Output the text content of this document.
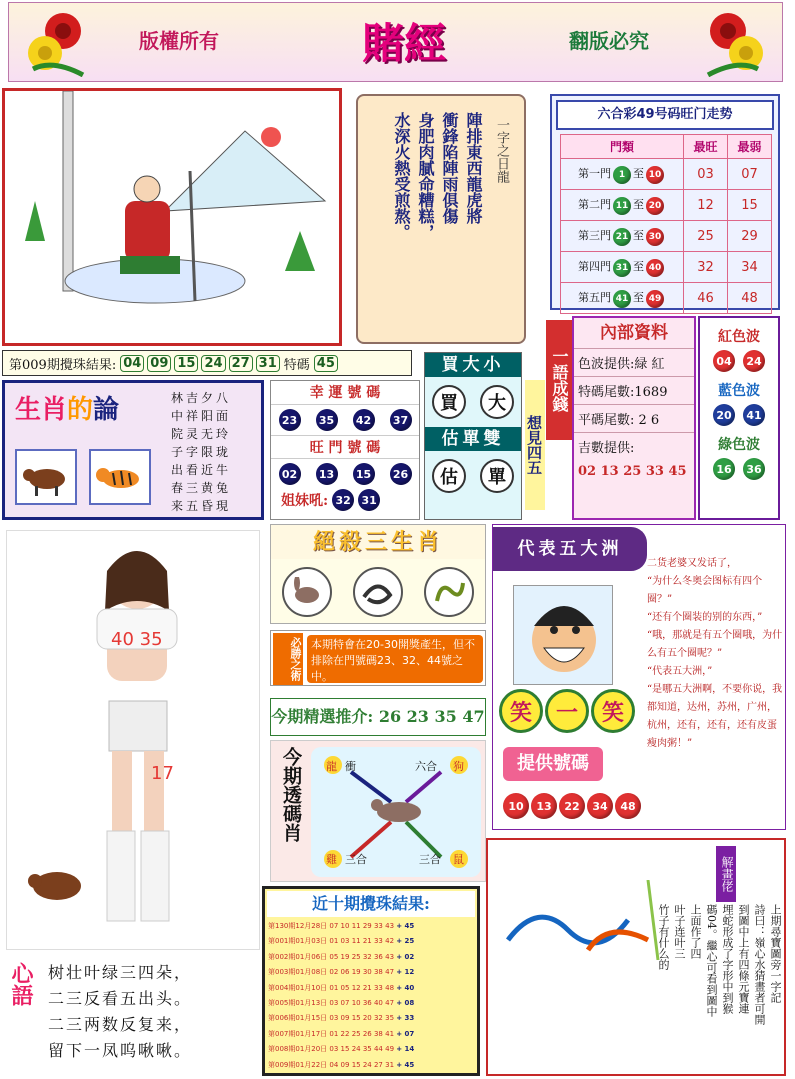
版權所有	賭經	翻版必究
一字之日龍
陣排東西龍虎將
衝鋒陷陣雨俱傷
身肥肉膩命糟糕，
水深火熱受煎熬。	六合彩49号码旺门走势
門類	最旺	最弱
第一門 1 至 10	03	07
第二門 11 至 20	12	15
第三門 21 至 30	25	29
第四門 31 至 40	32	34
第五門 41 至 49	46	48
第009期攪珠結果: 04 09 15 24 27 31 特碼 45
生肖的論	林吉夕八
中祥阳面
院灵无玲
子字限珑
出看近牛
春三黄兔
来五昏現
幸 運 號 碼
23	35	42	37
旺 門 號 碼
02	13	15	26
姐妹吼: 32 31
買大小
買	大
估單雙
估	單
一語成錢
想見四五
內部資料
色波提供:緑 紅
特碼尾數:1689
平碼尾數: 2 6
吉數提供:
02 13 25 33 45
紅色波
04	24
藍色波
20	41
綠色波
16	36
40 35
17
心語 树壮叶绿三四朵，
二三反看五出头。
二三两数反复来，
留下一凤呜啾啾。
絕殺三生肖
必勝之術 本期特會在20-30開獎產生，但不排除在門號碼23、32、44號之中。
今期精選推介: 26 23 35 47
今期透碼肖 龍 衝	六合 狗
雞 三合	三合 鼠
近十期攪珠結果:
第130期12月28日 07 10 11 29 33 43 + 45
第001期01月03日 01 03 11 21 33 42 + 25
第002期01月06日 05 19 25 32 36 43 + 02
第003期01月08日 02 06 19 30 38 47 + 12
第004期01月10日 01 05 12 21 33 48 + 40
第005期01月13日 03 07 10 36 40 47 + 08
第006期01月15日 03 09 15 20 32 35 + 33
第007期01月17日 01 22 25 26 38 41 + 07
第008期01月20日 03 15 24 35 44 49 + 14
第009期01月22日 04 09 15 24 27 31 + 45
代表五大洲
笑	一	笑
提供號碼
10	13	22	34	48
二货老婆又发话了，
“为什么冬奥会图标有四个圈？”
“还有个圈装的别的东西，”
“哦，那就是有五个圈哦，为什么有五个圈呢？”
“代表五大洲，”
“是哪五大洲啊，不要你说，我都知道，达州，苏州，广州，杭州，还有，还有，还有皮蛋瘦肉粥！”
解畫佬
上期尋寶圖旁一字記
詩曰：嶺心水猜畫者可開
到圖中上有四條元寶連
埋蛇形成了字形中到猴
碼04。繼心可看到圖中
上面作了四
叶子连叶三
竹子有什么的
